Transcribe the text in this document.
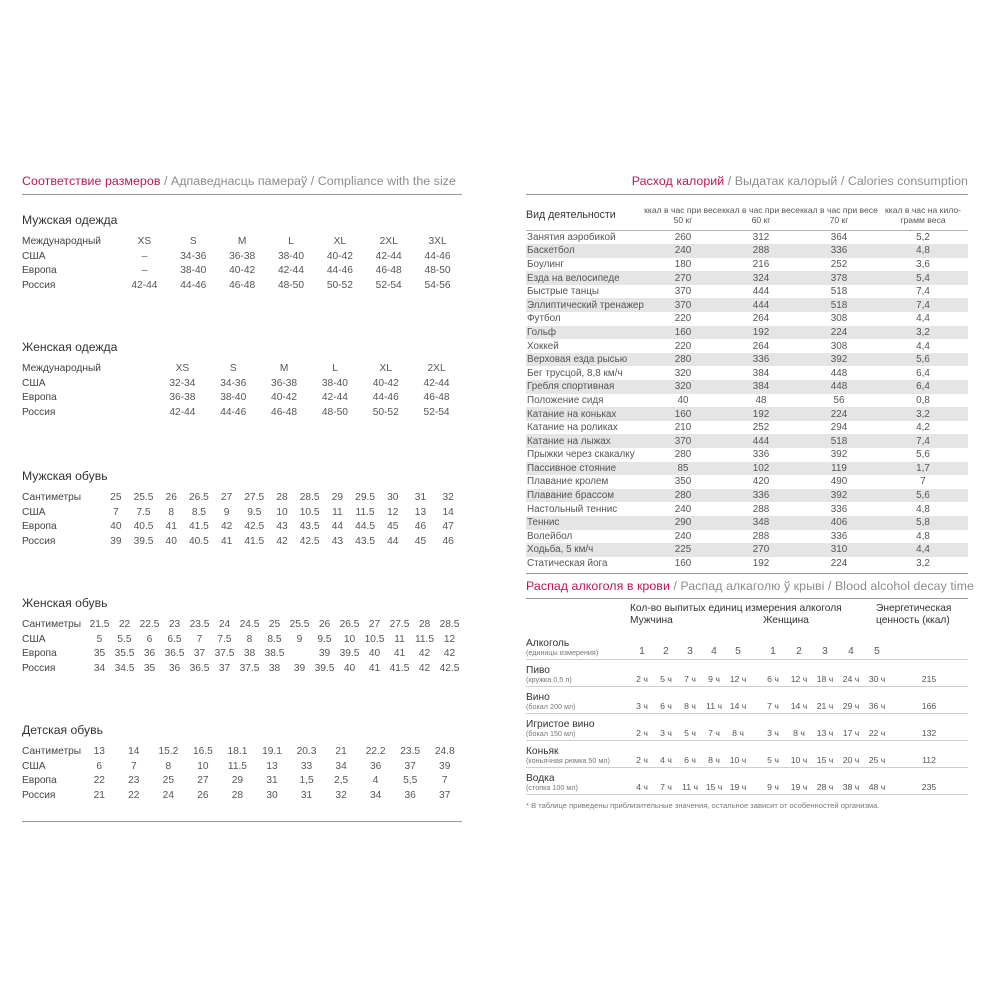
Соответствие размеров / Адпаведнасць памераў / Compliance with the size
Мужская одежда
Международный	XS	S	M	L	XL	2XL	3XL
США	–	34-36	36-38	38-40	40-42	42-44	44-46
Европа	–	38-40	40-42	42-44	44-46	46-48	48-50
Россия	42-44	44-46	46-48	48-50	50-52	52-54	54-56
Женская одежда
Международный	XS	S	M	L	XL	2XL
США	32-34	34-36	36-38	38-40	40-42	42-44
Европа	36-38	38-40	40-42	42-44	44-46	46-48
Россия	42-44	44-46	46-48	48-50	50-52	52-54
Мужская обувь
Сантиметры	25	25.5	26	26.5	27	27.5	28	28.5	29	29.5	30	31	32
США	7	7.5	8	8.5	9	9.5	10	10.5	11	11.5	12	13	14
Европа	40	40.5	41	41.5	42	42.5	43	43.5	44	44.5	45	46	47
Россия	39	39.5	40	40.5	41	41.5	42	42.5	43	43.5	44	45	46
Женская обувь
Сантиметры 21.5 22 22.5 23 23.5 24 24.5 25 25.5 26 26.5 27 27.5 28 28.5
США	5	5.5	6	6.5	7	7.5	8	8.5	9	9.5	10 10.5 11 11.5 12
Европа	35 35.5 36 36.5 37 37.5 38 38.5	39 39.5 40	41	42	42
Россия	34 34.5 35	36 36.5 37 37.5 38	39 39.5 40	41 41.5 42 42.5
Детская обувь
Сантиметры	13	14	15.2	16.5	18.1	19.1	20.3	21	22.2	23.5	24.8
США	6	7	8	10	11.5	13	33	34	36	37	39
Европа	22	23	25	27	29	31	1,5	2,5	4	5,5	7
Россия	21	22	24	26	28	30	31	32	34	36	37
Расход калорий / Выдатак калорый / Calories consumption
Вид деятельности	ккал в час при весе 50 кг	ккал в час при весе 60 кг	ккал в час при весе 70 кг	ккал в час на кило-грамм веса
Занятия аэробикой	260	312	364	5,2
Баскетбол	240	288	336	4,8
Боулинг	180	216	252	3,6
Езда на велосипеде	270	324	378	5,4
Быстрые танцы	370	444	518	7,4
Эллиптический тренажер	370	444	518	7,4
Футбол	220	264	308	4,4
Гольф	160	192	224	3,2
Хоккей	220	264	308	4,4
Верховая езда рысью	280	336	392	5,6
Бег трусцой, 8,8 км/ч	320	384	448	6,4
Гребля спортивная	320	384	448	6,4
Положение сидя	40	48	56	0,8
Катание на коньках	160	192	224	3,2
Катание на роликах	210	252	294	4,2
Катание на лыжах	370	444	518	7,4
Прыжки через скакалку	280	336	392	5,6
Пассивное стояние	85	102	119	1,7
Плавание кролем	350	420	490	7
Плавание брассом	280	336	392	5,6
Настольный теннис	240	288	336	4,8
Теннис	290	348	406	5,8
Волейбол	240	288	336	4,8
Ходьба, 5 км/ч	225	270	310	4,4
Статическая йога	160	192	224	3,2
Распад алкоголя в крови / Распад алкаголю ў крыві / Blood alcohol decay time
Кол-во выпитых единиц измерения алкоголя
Мужчина	Женщина
Энергетическая ценность (ккал)
Алкоголь
(единицы измерения)	1	2	3	4	5		1	2	3	4	5	

Пиво
(кружка 0,5 л)	2 ч	5 ч	7 ч	9 ч	12 ч		6 ч	12 ч	18 ч	24 ч	30 ч	215

Вино
(бокал 200 мл)	3 ч	6 ч	8 ч	11 ч	14 ч		7 ч	14 ч	21 ч	29 ч	36 ч	166

Игристое вино
(бокал 150 мл)	2 ч	3 ч	5 ч	7 ч	8 ч		3 ч	8 ч	13 ч	17 ч	22 ч	132

Коньяк
(коньячная рюмка 50 мл)	2 ч	4 ч	6 ч	8 ч	10 ч		5 ч	10 ч	15 ч	20 ч	25 ч	112

Водка
(стопка 100 мл)	4 ч	7 ч	11 ч	15 ч	19 ч		9 ч	19 ч	28 ч	38 ч	48 ч	235
* В таблице приведены приблизительные значения, остальное зависит от особенностей организма.
